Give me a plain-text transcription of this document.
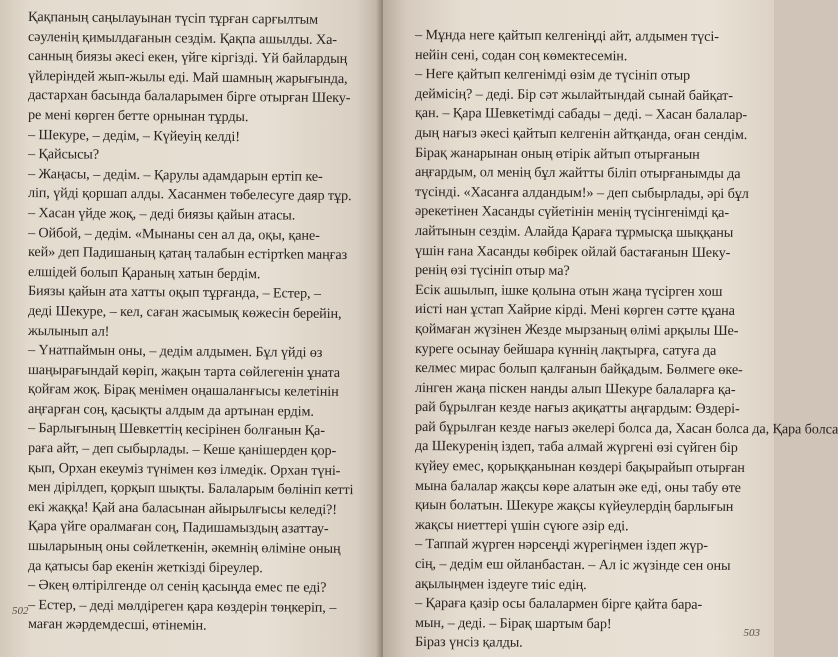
Қақпаның саңылауынан түсіп тұрған сарғылтым
сәуленің қимылдағанын сездім. Қақпа ашылды. Ха-
санның биязы әкесі екен, үйге кіргізді. Үй байлардың
үйлеріндей жып-жылы еді. Май шамның жарығында,
дастархан басында балаларымен бірге отырған Шеку-
ре мені көрген бетте орнынан тұрды.
– Шекуре, – дедім, – Күйеуің келді!
– Қайсысы?
– Жаңасы, – дедім. – Қарулы адамдарын ертіп ке-
ліп, үйді қоршап алды. Хасанмен төбелесуге даяр тұр.
– Хасан үйде жоқ, – деді биязы қайын атасы.
– Ойбой, – дедім. «Мынаны сен ал да, оқы, қане-
кей» деп Падишаның қатаң талабын естіртken маңғаз
елшідей болып Қараның хатын бердім.
Биязы қайын ата хатты оқып тұрғанда, – Естер, –
деді Шекуре, – кел, саған жасымық көжесін берейін,
жылынып ал!
– Үнатпаймын оны, – дедім алдымен. Бұл үйді өз
шаңырағындай көріп, жақын тарта сөйлегенін ұната
қойғам жоқ. Бірақ менімен оңашаланғысы келетінін
аңғарған соң, қасықты алдым да артынан ердім.
– Барлығының Шевкеттің кесірінен болғанын Қа-
раға айт, – деп сыбырлады. – Кеше қанішерден қор-
қып, Орхан екеуміз түнімен көз ілмедік. Орхан түні-
мен дірілдеп, қорқып шықты. Балаларым бөлініп кетті
екі жаққа! Қай ана баласынан айырылғысы келеді?!
Қара үйге оралмаған соң, Падишамыздың азаттау-
шыларының оны сөйлеткенін, әкемнің өліміне оның
да қатысы бар екенін жеткізді біреулер.
– Әкең өлтірілгенде ол сенің қасыңда емес пе еді?
– Естер, – деді мөлдіреген қара көздерін төңкеріп, –
маған жәрдемдесші, өтінемін.
502
– Мұнда неге қайтып келгеніңді айт, алдымен түсі-
нейін сені, содан соң көмектесемін.
– Неге қайтып келгенімді өзім де түсініп отыр
деймісің? – деді. Бір сәт жылайтындай сынай байқат-
қан. – Қара Шевкетімді сабады – деді. – Хасан балалар-
дың нағыз әкесі қайтып келгенін айтқанда, оған сендім.
Бірақ жанарынан оның өтірік айтып отырғанын
аңғардым, ол менің бұл жайтты біліп отырғанымды да
түсінді. «Хасанға алдандым!» – деп сыбырлады, әрі бұл
әрекетінен Хасанды сүйетінін менің түсінгенімді қа-
лайтынын сездім. Алайда Қараға тұрмысқа шыққаны
үшін ғана Хасанды көбірек ойлай бастағанын Шеку-
ренің өзі түсініп отыр ма?
Есік ашылып, ішке қолына отын жаңа түсірген хош
иісті нан ұстап Хайрие кірді. Мені көрген сәтте құана
қоймаған жүзінен Жезде мырзаның өлімі арқылы Ше-
куреге осынау бейшара күннің лақтырға, сатуға да
келмес мирас болып қалғанын байқадым. Бөлмеге өке-
лінген жаңа піскен нанды алып Шекуре балаларға қа-
рай бұрылған кезде нағыз ақиқатты аңғардым: Өздері-
рай бұрылған кезде нағыз әкелері болса да, Хасан болса да, Қара болса
да Шекуренің іздеп, таба алмай жүргені өзі сүйген бір
күйеу емес, қорыққанынан көздері бақырайып отырған
мына балалар жақсы көре алатын әке еді, оны табу өте
қиын болатын. Шекуре жақсы күйеулердің барлығын
жақсы ниеттері үшін сүюге әзір еді.
– Таппай жүрген нәрсеңді жүрегіңмен іздеп жүр-
сің, – дедім еш ойланбастан. – Ал іс жүзінде сен оны
ақылыңмен іздеуге тиіс едің.
– Қараға қазір осы балалармен бірге қайта бара-
мын, – деді. – Бірақ шартым бар!
Біраз үнсіз қалды.
503
